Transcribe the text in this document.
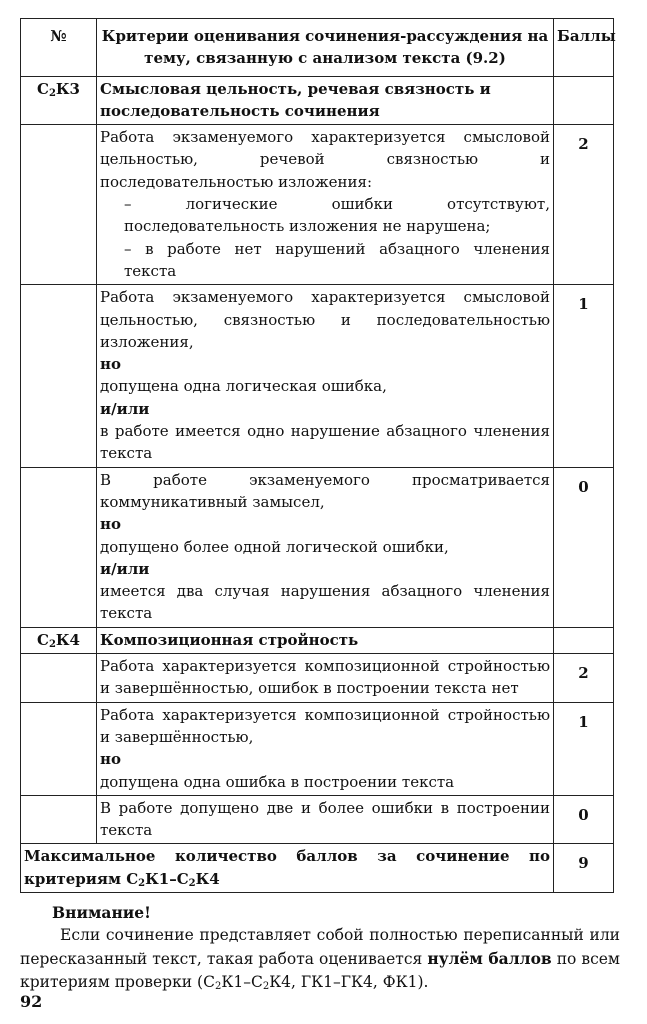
№	Критерии оценивания сочинения-рассуждения на тему, связанную с анализом текста (9.2)	Баллы
$С_2К3$	Смысловая цельность, речевая связность и последовательность сочинения	

	Работа экзаменуемого характеризуется смысловой цельностью, речевой связностью и последовательностью изложения:
– логические ошибки отсутствуют, последовательность изложения не нарушена;
– в работе нет нарушений абзацного членения текста	2

	Работа экзаменуемого характеризуется смысловой цельностью, связностью и последовательностью изложения,
но
допущена одна логическая ошибка,
и/или
в работе имеется одно нарушение абзацного членения текста	1

	В работе экзаменуемого просматривается коммуникативный замысел,
но
допущено более одной логической ошибки,
и/или
имеется два случая нарушения абзацного членения текста	0
$С_2К4$	Композиционная стройность	

	Работа характеризуется композиционной стройностью и завершённостью, ошибок в построении текста нет	2

	Работа характеризуется композиционной стройностью и завершённостью,
но
допущена одна ошибка в построении текста	1

	В работе допущено две и более ошибки в построении текста	0
Максимальное количество баллов за сочинение по критериям $С_2К1-С_2К4$		9
Внимание!
Если сочинение представляет собой полностью переписанный или пересказанный текст, такая работа оценивается нулём баллов по всем критериям проверки ($С_2К1-С_2К4$, ГК1–ГК4, ФК1).
92
